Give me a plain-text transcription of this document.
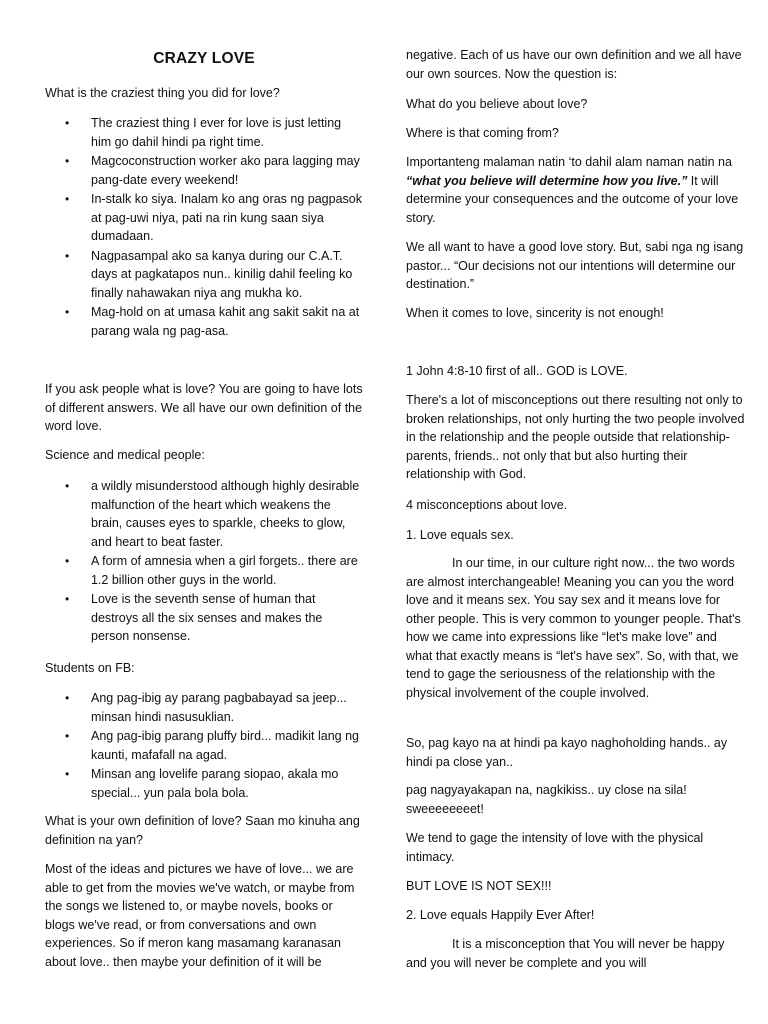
CRAZY LOVE

What is the craziest thing you did for love?

• The craziest thing I ever for love is just letting him go dahil hindi pa right time.
• Magcoconstruction worker ako para lagging may pang-date every weekend!
• In-stalk ko siya. Inalam ko ang oras ng pagpasok at pag-uwi niya, pati na rin kung saan siya dumadaan.
• Nagpasampal ako sa kanya during our C.A.T. days at pagkatapos nun.. kinilig dahil feeling ko finally nahawakan niya ang mukha ko.
• Mag-hold on at umasa kahit ang sakit sakit na at parang wala ng pag-asa.

If you ask people what is love? You are going to have lots of different answers. We all have our own definition of the word love.

Science and medical people:

• a wildly misunderstood although highly desirable malfunction of the heart which weakens the brain, causes eyes to sparkle, cheeks to glow, and heart to beat faster.
• A form of amnesia when a girl forgets.. there are 1.2 billion other guys in the world.
• Love is the seventh sense of human that destroys all the six senses and makes the person nonsense.

Students on FB:

• Ang pag-ibig ay parang pagbabayad sa jeep... minsan hindi nasusuklian.
• Ang pag-ibig parang pluffy bird... madikit lang ng kaunti, mafafall na agad.
• Minsan ang lovelife parang siopao, akala mo special... yun pala bola bola.

What is your own definition of love? Saan mo kinuha ang definition na yan?

Most of the ideas and pictures we have of love... we are able to get from the movies we've watch, or maybe from the songs we listened to, or maybe novels, books or blogs we've read, or from conversations and own experiences. So if meron kang masamang karanasan about love.. then maybe your definition of it will be

negative. Each of us have our own definition and we all have our own sources. Now the question is:

What do you believe about love?

Where is that coming from?

Importanteng malaman natin ‘to dahil alam naman natin na “what you believe will determine how you live.” It will determine your consequences and the outcome of your love story.

We all want to have a good love story. But, sabi nga ng isang pastor... “Our decisions not our intentions will determine our destination.”

When it comes to love, sincerity is not enough!

1 John 4:8-10 first of all.. GOD is LOVE.

There's a lot of misconceptions out there resulting not only to broken relationships, not only hurting the two people involved in the relationship and the people outside that relationship- parents, friends.. not only that but also hurting their relationship with God.

4 misconceptions about love.

1. Love equals sex.

In our time, in our culture right now... the two words are almost interchangeable! Meaning you can you the word love and it means sex. You say sex and it means love for other people. This is very common to younger people. That's how we came into expressions like “let's make love” and what that exactly means is “let's have sex”. So, with that, we tend to gage the seriousness of the relationship with the physical involvement of the couple involved.

So, pag kayo na at hindi pa kayo naghoholding hands.. ay hindi pa close yan..

pag nagyayakapan na, nagkikiss.. uy close na sila! sweeeeeeeet!

We tend to gage the intensity of love with the physical intimacy.

BUT LOVE IS NOT SEX!!!

2. Love equals Happily Ever After!

It is a misconception that You will never be happy and you will never be complete and you will
